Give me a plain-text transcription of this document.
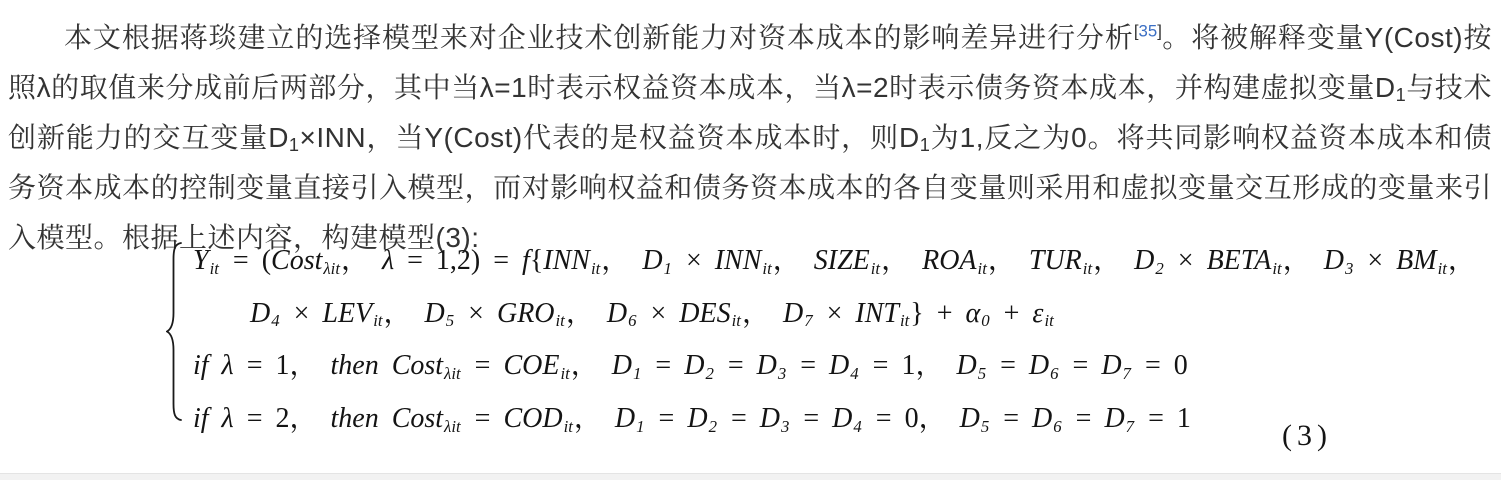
本文根据蒋琰建立的选择模型来对企业技术创新能力对资本成本的影响差异进行分析[35]。将被解释变量Y(Cost)按照λ的取值来分成前后两部分，其中当λ=1时表示权益资本成本，当λ=2时表示债务资本成本，并构建虚拟变量$D_1$与技术创新能力的交互变量$D_1\times INN$，当Y(Cost)代表的是权益资本成本时，则$D_1$为1,反之为0。将共同影响权益资本成本和债务资本成本的控制变量直接引入模型，而对影响权益和债务资本成本的各自变量则采用和虚拟变量交互形成的变量来引入模型。根据上述内容，构建模型(3):

Yit = (Costλit， λ = 1,2) = f{INNit， D1 × INNit， SIZEit， ROAit， TURit， D2 × BETAit， D3 × BMit，
D4 × LEVit， D5 × GROit， D6 × DESit， D7 × INTit} + α0 + εit
if λ = 1， then Costλit = COEit， D1 = D2 = D3 = D4 = 1， D5 = D6 = D7 = 0
if λ = 2， then Costλit = CODit， D1 = D2 = D3 = D4 = 0， D5 = D6 = D7 = 1
(3)
